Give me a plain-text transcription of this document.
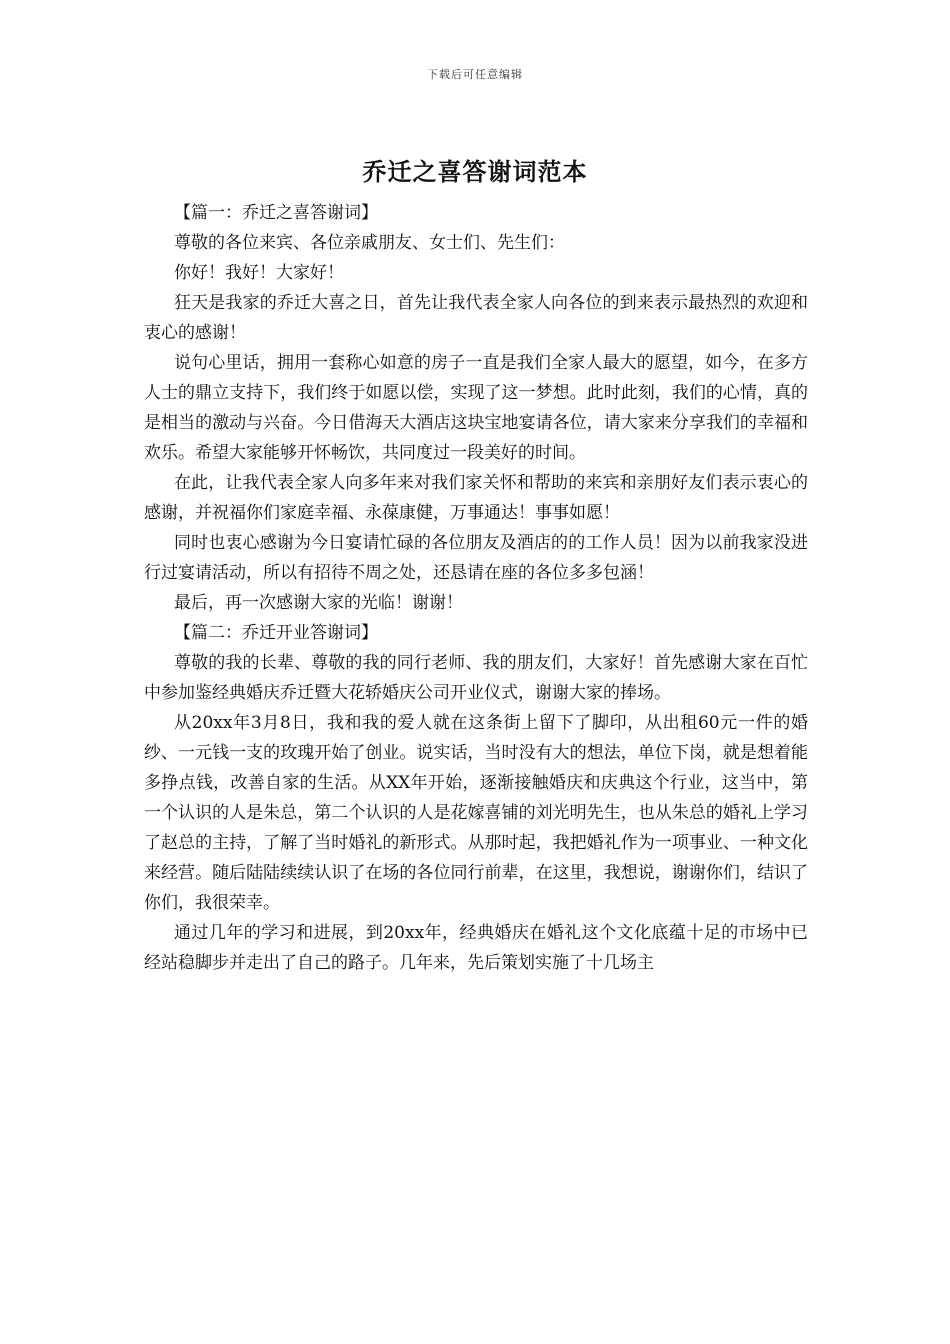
下载后可任意编辑
乔迁之喜答谢词范本

【篇一：乔迁之喜答谢词】

尊敬的各位来宾、各位亲戚朋友、女士们、先生们：

你好！我好！大家好！

狂天是我家的乔迁大喜之日，首先让我代表全家人向各位的到来表示最热烈的欢迎和衷心的感谢！

说句心里话，拥用一套称心如意的房子一直是我们全家人最大的愿望，如今，在多方人士的鼎立支持下，我们终于如愿以偿，实现了这一梦想。此时此刻，我们的心情，真的是相当的激动与兴奋。今日借海天大酒店这块宝地宴请各位，请大家来分享我们的幸福和欢乐。希望大家能够开怀畅饮，共同度过一段美好的时间。

在此，让我代表全家人向多年来对我们家关怀和帮助的来宾和亲朋好友们表示衷心的感谢，并祝福你们家庭幸福、永葆康健，万事通达！事事如愿！

同时也衷心感谢为今日宴请忙碌的各位朋友及酒店的的工作人员！因为以前我家没进行过宴请活动，所以有招待不周之处，还恳请在座的各位多多包涵！

最后，再一次感谢大家的光临！谢谢！

【篇二：乔迁开业答谢词】

尊敬的我的长辈、尊敬的我的同行老师、我的朋友们，大家好！首先感谢大家在百忙中参加鉴经典婚庆乔迁暨大花轿婚庆公司开业仪式，谢谢大家的捧场。

从20xx年3月8日，我和我的爱人就在这条街上留下了脚印，从出租60元一件的婚纱、一元钱一支的玫瑰开始了创业。说实话，当时没有大的想法，单位下岗，就是想着能多挣点钱，改善自家的生活。从XX年开始，逐渐接触婚庆和庆典这个行业，这当中，第一个认识的人是朱总，第二个认识的人是花嫁喜铺的刘光明先生，也从朱总的婚礼上学习了赵总的主持，了解了当时婚礼的新形式。从那时起，我把婚礼作为一项事业、一种文化来经营。随后陆陆续续认识了在场的各位同行前辈，在这里，我想说，谢谢你们，结识了你们，我很荣幸。

通过几年的学习和进展，到20xx年，经典婚庆在婚礼这个文化底蕴十足的市场中已经站稳脚步并走出了自己的路子。几年来，先后策划实施了十几场主
